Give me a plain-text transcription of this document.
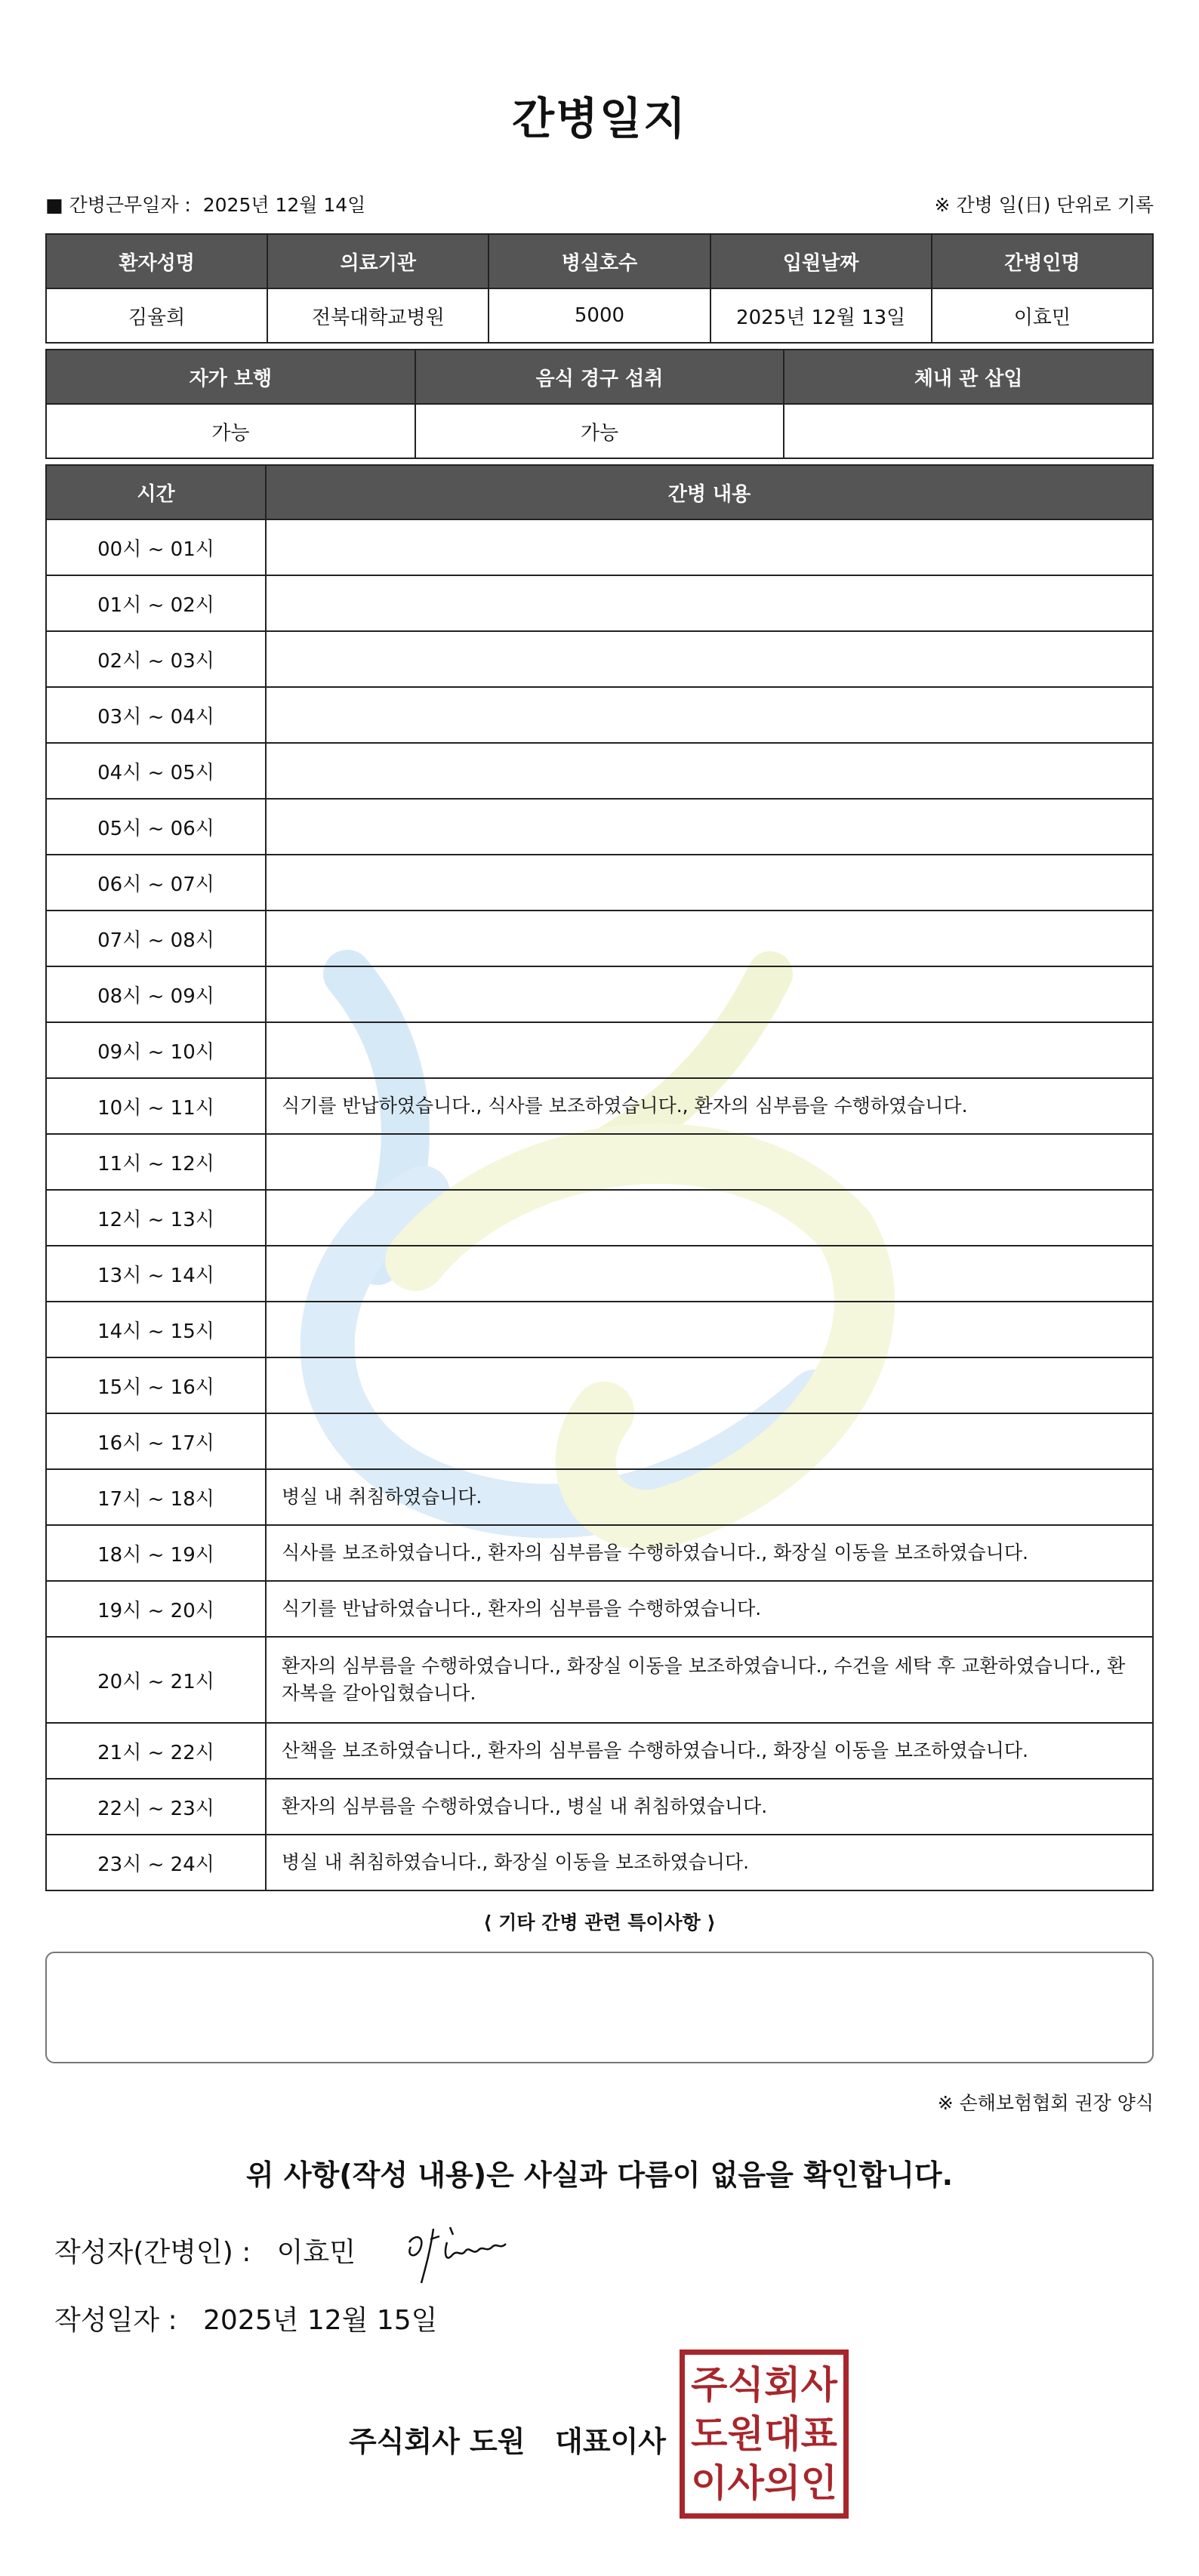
간병일지
■ 간병근무일자 :  2025년 12월 14일	※ 간병 일(日) 단위로 기록
환자성명	의료기관	병실호수	입원날짜	간병인명
김율희	전북대학교병원	5000	2025년 12월 13일	이효민
자가 보행	음식 경구 섭취	체내 관 삽입
가능	가능	
시간	간병 내용
00시 ~ 01시	
01시 ~ 02시	
02시 ~ 03시	
03시 ~ 04시	
04시 ~ 05시	
05시 ~ 06시	
06시 ~ 07시	
07시 ~ 08시	
08시 ~ 09시	
09시 ~ 10시	
10시 ~ 11시	식기를 반납하였습니다., 식사를 보조하였습니다., 환자의 심부름을 수행하였습니다.
11시 ~ 12시	
12시 ~ 13시	
13시 ~ 14시	
14시 ~ 15시	
15시 ~ 16시	
16시 ~ 17시	
17시 ~ 18시	병실 내 취침하였습니다.
18시 ~ 19시	식사를 보조하였습니다., 환자의 심부름을 수행하였습니다., 화장실 이동을 보조하였습니다.
19시 ~ 20시	식기를 반납하였습니다., 환자의 심부름을 수행하였습니다.
20시 ~ 21시	환자의 심부름을 수행하였습니다., 화장실 이동을 보조하였습니다., 수건을 세탁 후 교환하였습니다., 환자복을 갈아입혔습니다.
21시 ~ 22시	산책을 보조하였습니다., 환자의 심부름을 수행하였습니다., 화장실 이동을 보조하였습니다.
22시 ~ 23시	환자의 심부름을 수행하였습니다., 병실 내 취침하였습니다.
23시 ~ 24시	병실 내 취침하였습니다., 화장실 이동을 보조하였습니다.
⟨ 기타 간병 관련 특이사항 ⟩
※ 손해보험협회 권장 양식
위 사항(작성 내용)은 사실과 다름이 없음을 확인합니다.
작성자(간병인) :   이효민
작성일자 :   2025년 12월 15일
주식회사 도원   대표이사
주 식 회 사
도 원 대 표
이 사 의 인
